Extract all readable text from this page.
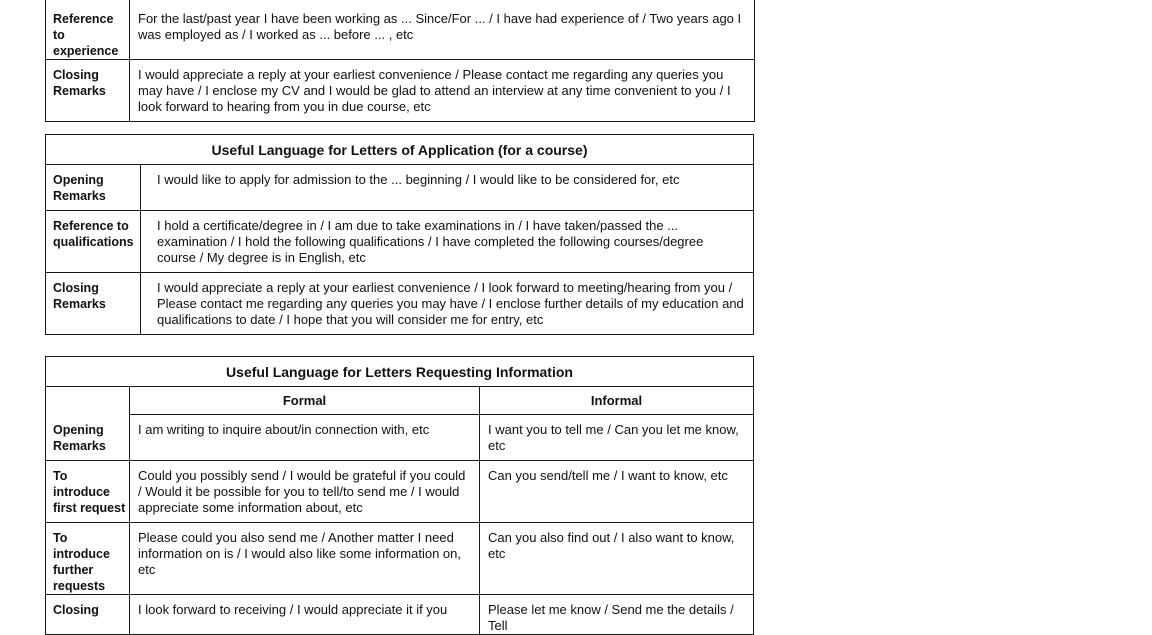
Reference to experience	For the last/past year I have been working as ... Since/For ... / I have had experience of / Two years ago I was employed as / I worked as ... before ... , etc
Closing Remarks	I would appreciate a reply at your earliest convenience / Please contact me regarding any queries you may have / I enclose my CV and I would be glad to attend an interview at any time convenient to you / I look forward to hearing from you in due course, etc
Useful Language for Letters of Application (for a course)	
Opening Remarks	I would like to apply for admission to the ... beginning / I would like to be considered for, etc
Reference to qualifications	I hold a certificate/degree in / I am due to take examinations in / I have taken/passed the ... examination / I hold the following qualifications / I have completed the following courses/degree course / My degree is in English, etc
Closing Remarks	I would appreciate a reply at your earliest convenience / I look forward to meeting/hearing from you / Please contact me regarding any queries you may have / I enclose further details of my education and qualifications to date / I hope that you will consider me for entry, etc
Useful Language for Letters Requesting Information		
	Formal	Informal
Opening Remarks	I am writing to inquire about/in connection with, etc	I want you to tell me / Can you let me know, etc
To introduce first request	Could you possibly send / I would be grateful if you could / Would it be possible for you to tell/to send me / I would appreciate some information about, etc	Can you send/tell me / I want to know, etc
To introduce further requests	Please could you also send me / Another matter I need information on is / I would also like some information on, etc	Can you also find out / I also want to know, etc
Closing	I look forward to receiving / I would appreciate it if you	Please let me know / Send me the details / Tell
